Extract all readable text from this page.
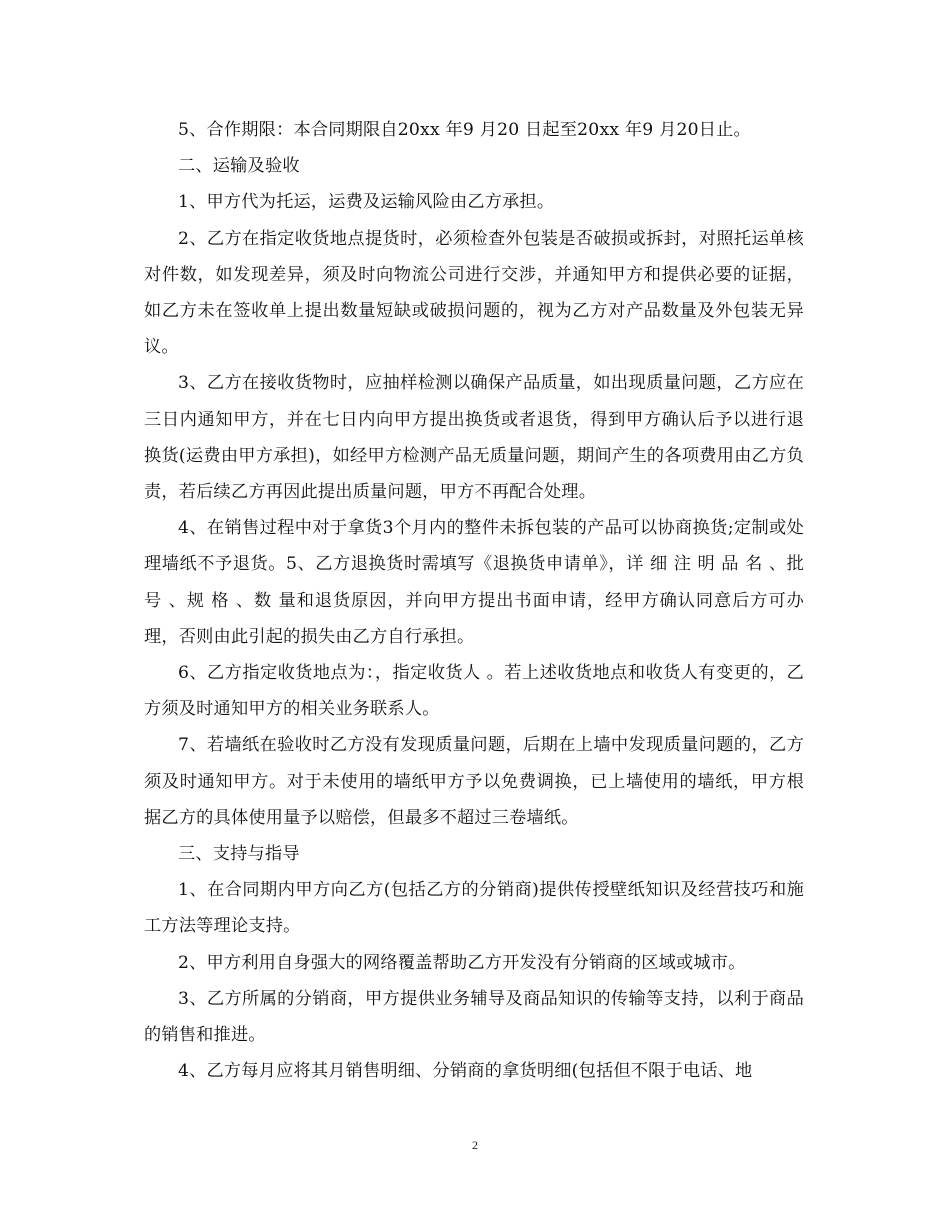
5、合作期限：本合同期限自20xx 年9 月20 日起至20xx 年9 月20日止。

二、运输及验收

1、甲方代为托运，运费及运输风险由乙方承担。

2、乙方在指定收货地点提货时，必须检查外包装是否破损或拆封，对照托运单核对件数，如发现差异，须及时向物流公司进行交涉，并通知甲方和提供必要的证据，如乙方未在签收单上提出数量短缺或破损问题的，视为乙方对产品数量及外包装无异议。

3、乙方在接收货物时，应抽样检测以确保产品质量，如出现质量问题，乙方应在三日内通知甲方，并在七日内向甲方提出换货或者退货，得到甲方确认后予以进行退换货(运费由甲方承担)，如经甲方检测产品无质量问题，期间产生的各项费用由乙方负责，若后续乙方再因此提出质量问题，甲方不再配合处理。

4、在销售过程中对于拿货3个月内的整件未拆包装的产品可以协商换货;定制或处理墙纸不予退货。5、乙方退换货时需填写《退换货申请单》，详 细 注 明 品 名 、批 号 、规 格 、数 量和退货原因，并向甲方提出书面申请，经甲方确认同意后方可办理，否则由此引起的损失由乙方自行承担。

6、乙方指定收货地点为：，指定收货人 。若上述收货地点和收货人有变更的，乙方须及时通知甲方的相关业务联系人。

7、若墙纸在验收时乙方没有发现质量问题，后期在上墙中发现质量问题的，乙方须及时通知甲方。对于未使用的墙纸甲方予以免费调换，已上墙使用的墙纸，甲方根据乙方的具体使用量予以赔偿，但最多不超过三卷墙纸。

三、支持与指导

1、在合同期内甲方向乙方(包括乙方的分销商)提供传授壁纸知识及经营技巧和施工方法等理论支持。

2、甲方利用自身强大的网络覆盖帮助乙方开发没有分销商的区域或城市。

3、乙方所属的分销商，甲方提供业务辅导及商品知识的传输等支持，以利于商品的销售和推进。

4、乙方每月应将其月销售明细、分销商的拿货明细(包括但不限于电话、地

2
